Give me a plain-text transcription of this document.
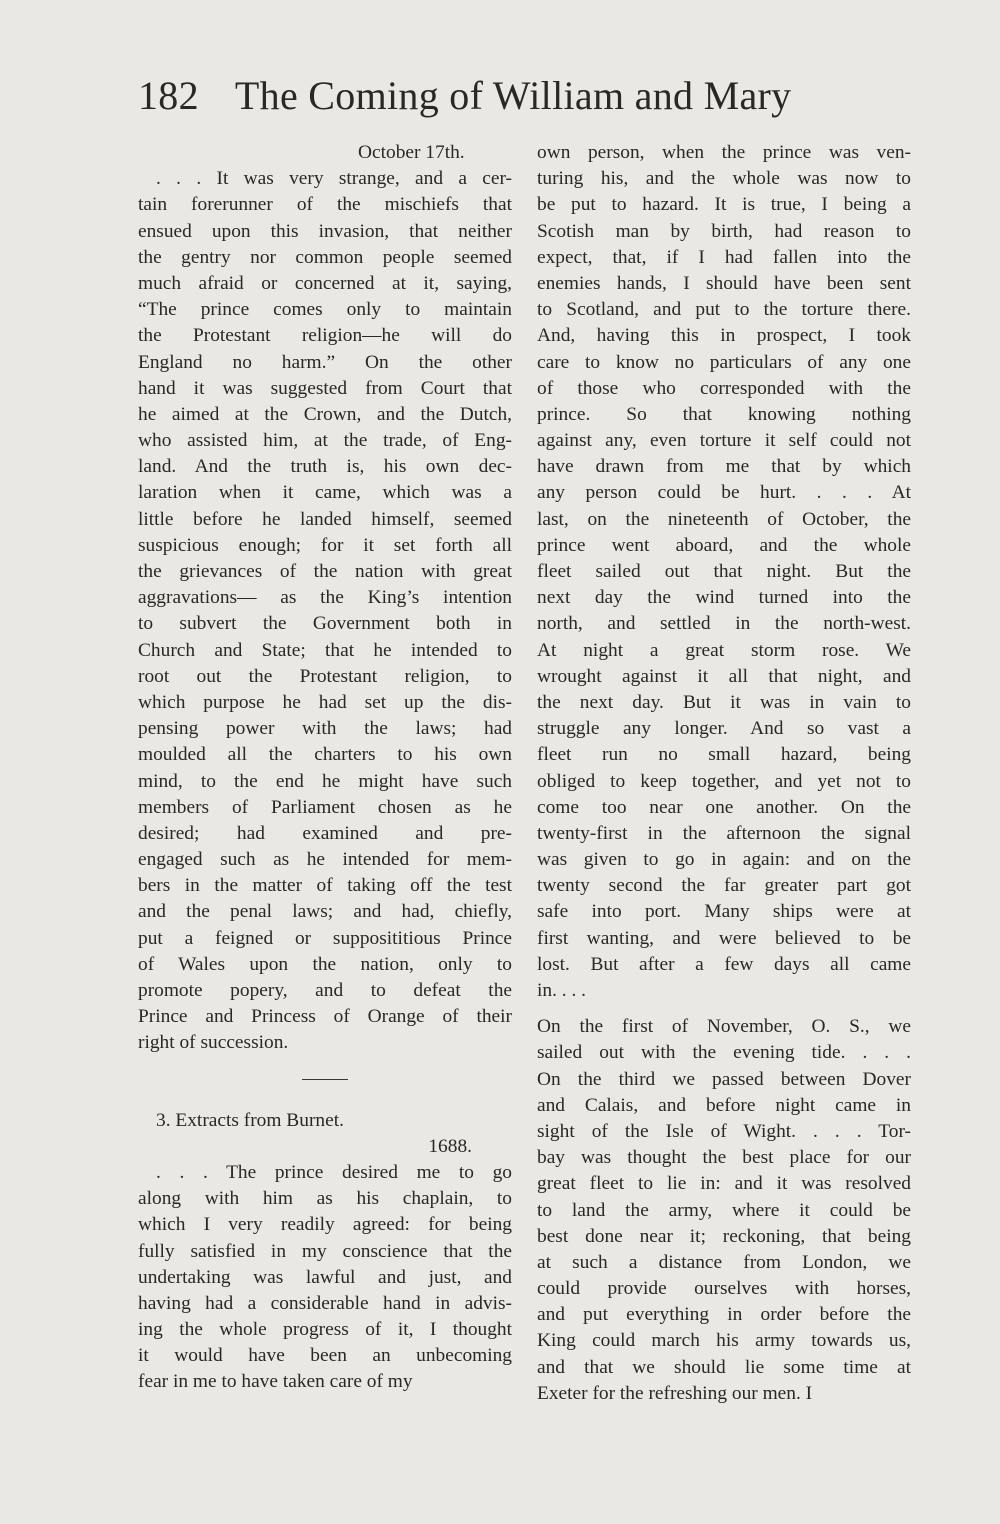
182 The Coming of William and Mary
October 17th.
. . . It was very strange, and a cer-
tain forerunner of the mischiefs that
ensued upon this invasion, that neither
the gentry nor common people seemed
much afraid or concerned at it, saying,
“The prince comes only to maintain
the Protestant religion—he will do
England no harm.” On the other
hand it was suggested from Court that
he aimed at the Crown, and the Dutch,
who assisted him, at the trade, of Eng-
land. And the truth is, his own dec-
laration when it came, which was a
little before he landed himself, seemed
suspicious enough; for it set forth all
the grievances of the nation with great
aggravations— as the King’s intention
to subvert the Government both in
Church and State; that he intended to
root out the Protestant religion, to
which purpose he had set up the dis-
pensing power with the laws; had
moulded all the charters to his own
mind, to the end he might have such
members of Parliament chosen as he
desired; had examined and pre-
engaged such as he intended for mem-
bers in the matter of taking off the test
and the penal laws; and had, chiefly,
put a feigned or supposititious Prince
of Wales upon the nation, only to
promote popery, and to defeat the
Prince and Princess of Orange of their
right of succession.
3. Extracts from Burnet.
1688.
. . . The prince desired me to go
along with him as his chaplain, to
which I very readily agreed: for being
fully satisfied in my conscience that the
undertaking was lawful and just, and
having had a considerable hand in advis-
ing the whole progress of it, I thought
it would have been an unbecoming
fear in me to have taken care of my
own person, when the prince was ven-
turing his, and the whole was now to
be put to hazard. It is true, I being a
Scotish man by birth, had reason to
expect, that, if I had fallen into the
enemies hands, I should have been sent
to Scotland, and put to the torture there.
And, having this in prospect, I took
care to know no particulars of any one
of those who corresponded with the
prince. So that knowing nothing
against any, even torture it self could not
have drawn from me that by which
any person could be hurt. . . . At
last, on the nineteenth of October, the
prince went aboard, and the whole
fleet sailed out that night. But the
next day the wind turned into the
north, and settled in the north-west.
At night a great storm rose. We
wrought against it all that night, and
the next day. But it was in vain to
struggle any longer. And so vast a
fleet run no small hazard, being
obliged to keep together, and yet not to
come too near one another. On the
twenty-first in the afternoon the signal
was given to go in again: and on the
twenty second the far greater part got
safe into port. Many ships were at
first wanting, and were believed to be
lost. But after a few days all came
in. . . .
On the first of November, O. S., we
sailed out with the evening tide. . . .
On the third we passed between Dover
and Calais, and before night came in
sight of the Isle of Wight. . . . Tor-
bay was thought the best place for our
great fleet to lie in: and it was resolved
to land the army, where it could be
best done near it; reckoning, that being
at such a distance from London, we
could provide ourselves with horses,
and put everything in order before the
King could march his army towards us,
and that we should lie some time at
Exeter for the refreshing our men. I
